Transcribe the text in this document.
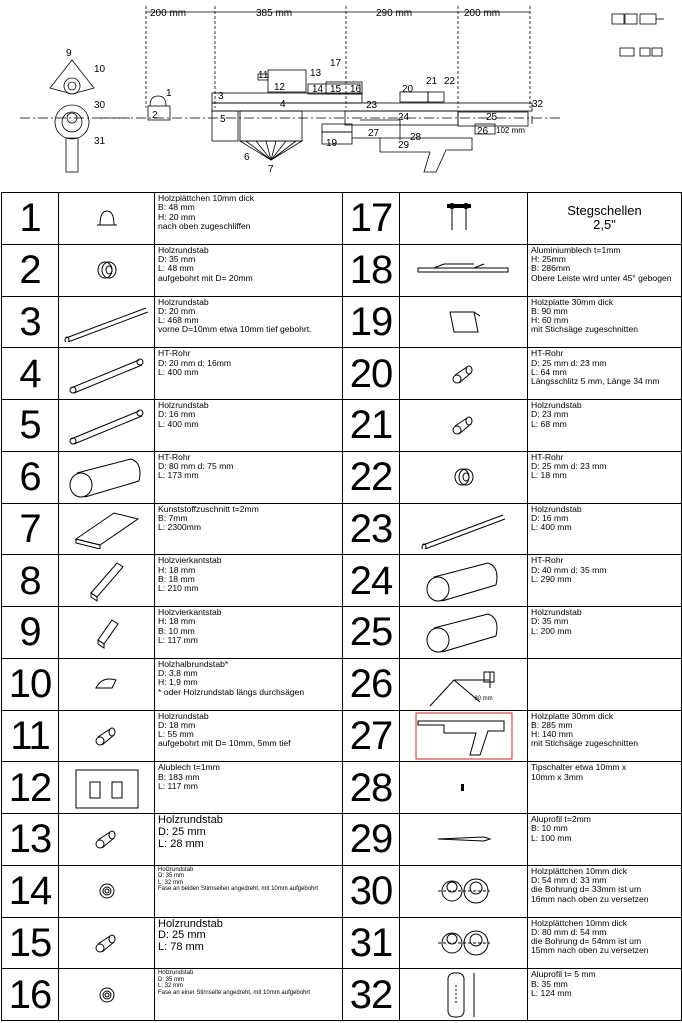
200 mm	385 mm	290 mm	200 mm
102 mm
1
2
3
4
5
6
7
9
10
11
12
13
14 15 16
17
19
20
21 22
23
24	25
26
27	28
29
30
31
32
1		Holzplättchen 10mm dick
B: 48 mm
H: 20 mm
nach oben zugeschliffen	17		Stegschellen
2,5"
2		Holzrundstab
D: 35 mm
L: 48 mm
aufgebohrt mit D= 20mm	18		Aluminiumblech t=1mm
H: 25mm
B: 286mm
Obere Leiste wird unter 45° gebogen
3		Holzrundstab
D: 20 mm
L: 468 mm
vorne D=10mm etwa 10mm tief gebohrt.	19		Holzplatte 30mm dick
B: 90 mm
H: 60 mm
mit Stichsäge zugeschnitten
4		HT-Rohr
D: 20 mm d: 16mm
L: 400 mm	20		HT-Rohr
D: 25 mm d: 23 mm
L: 64 mm
Längsschlitz 5 mm, Länge 34 mm
5		Holzrundstab
D: 16 mm
L: 400 mm	21		Holzrundstab
D: 23 mm
L: 68 mm
6		HT-Rohr
D: 80 mm d: 75 mm
L: 173 mm	22		HT-Rohr
D: 25 mm d: 23 mm
L: 18 mm
7		Kunststoffzuschnitt t=2mm
B: 7mm
L: 2300mm	23		Holzrundstab
D: 16 mm
L: 400 mm
8		Holzvierkantstab
H: 18 mm
B: 18 mm
L: 210 mm	24		HT-Rohr
D: 40 mm d: 35 mm
L: 290 mm
9		Holzvierkantstab
H: 18 mm
B: 10 mm
L: 117 mm	25		Holzrundstab
D: 35 mm
L: 200 mm
10		Holzhalbrundstab*
D: 3,8 mm
H: 1,9 mm
* oder Holzrundstab längs durchsägen	26	80 mm	

11		Holzrundstab
D: 18 mm
L: 55 mm
aufgebohrt mit D= 10mm, 5mm tief	27		Holzplatte 30mm dick
B: 285 mm
H: 140 mm
mit Stichsäge zugeschnitten
12		Alublech t=1mm
B: 183 mm
L: 117 mm	28		Tipschalter etwa 10mm x
10mm x 3mm
13		Holzrundstab
D: 25 mm
L: 28 mm	29		Aluprofil t=2mm
B: 10 mm
L: 100 mm
14		Holzrundstab
D: 35 mm
L: 32 mm
Fase an beiden Stirnseiten angedreht, mit 10mm aufgebohrt	30		Holzplättchen 10mm dick
D: 54 mm d: 33 mm
die Bohrung d= 33mm ist um
16mm nach oben zu versetzen
15		Holzrundstab
D: 25 mm
L: 78 mm	31		Holzplättchen 10mm dick
D: 80 mm d: 54 mm
die Bohrung d= 54mm ist um
15mm nach oben zu versetzen
16		Holzrundstab
D: 35 mm
L: 32 mm
Fase an einer Stirnseite angedreht, mit 10mm aufgebohrt	32		Aluprofil t= 5 mm
B: 35 mm
L: 124 mm
